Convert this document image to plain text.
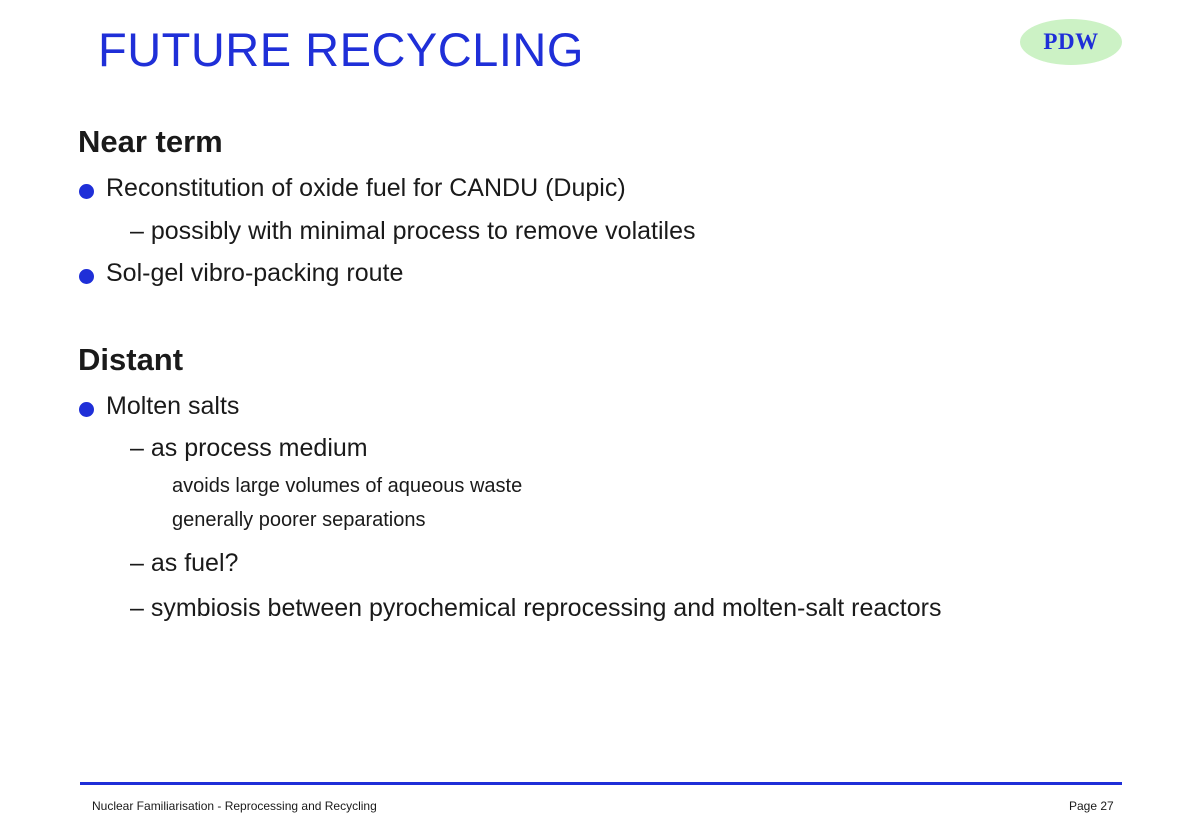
FUTURE RECYCLING	PDW
Near term
Reconstitution of oxide fuel for CANDU (Dupic)
– possibly with minimal process to remove volatiles
Sol-gel vibro-packing route
Distant
Molten salts
– as process medium
avoids large volumes of aqueous waste
generally poorer separations
– as fuel?
– symbiosis between pyrochemical reprocessing and molten-salt reactors
Nuclear Familiarisation - Reprocessing and Recycling	Page 27
